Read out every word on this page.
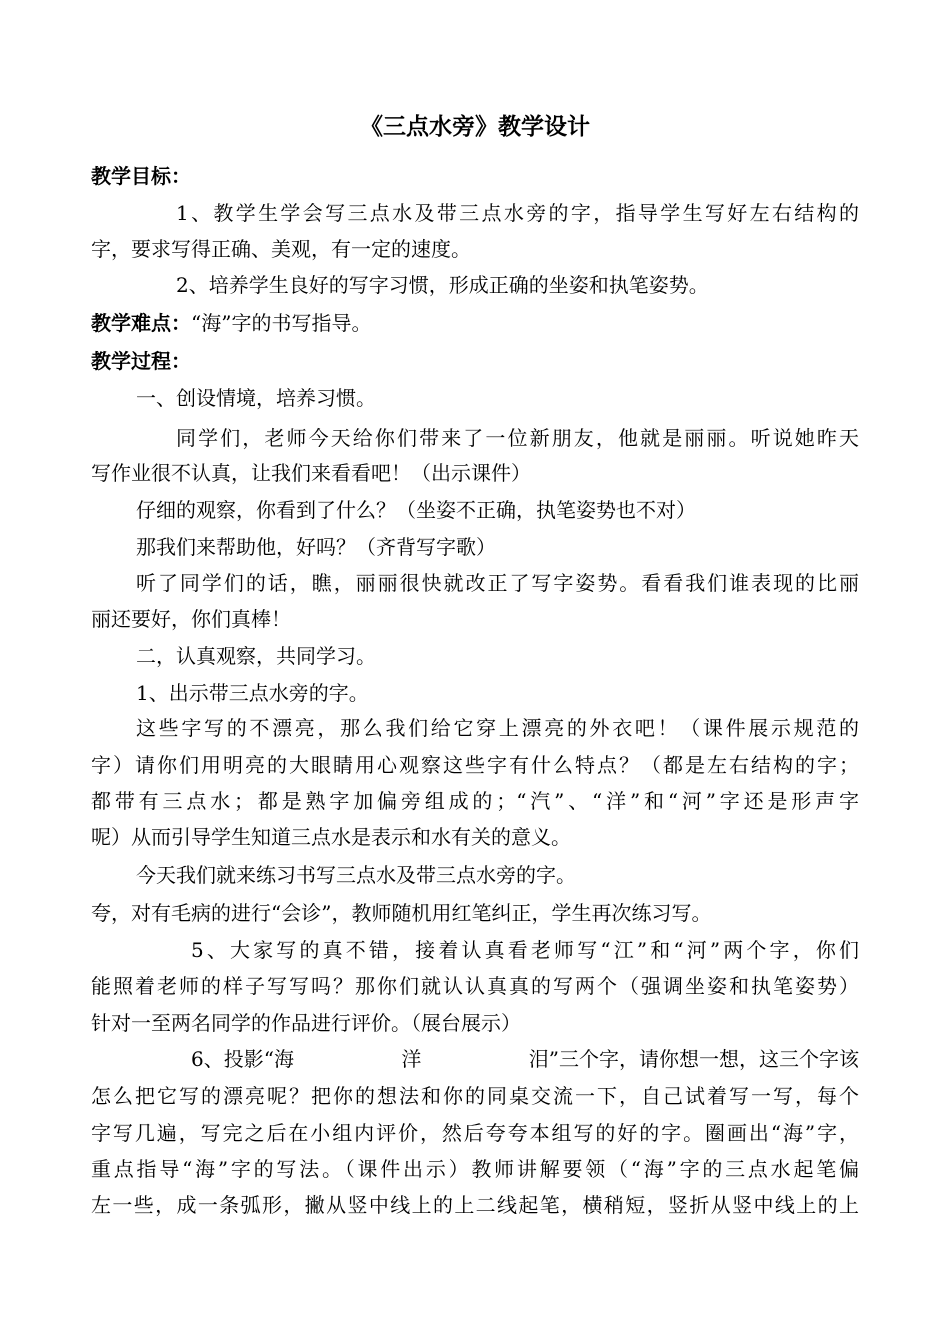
《三点水旁》教学设计
教学目标：
1、教学生学会写三点水及带三点水旁的字，指导学生写好左右结构的
字，要求写得正确、美观，有一定的速度。
2、培养学生良好的写字习惯，形成正确的坐姿和执笔姿势。
教学难点：“海”字的书写指导。
教学过程：
一、创设情境，培养习惯。
同学们，老师今天给你们带来了一位新朋友，他就是丽丽。听说她昨天
写作业很不认真，让我们来看看吧！（出示课件）
仔细的观察，你看到了什么？（坐姿不正确，执笔姿势也不对）
那我们来帮助他，好吗？（齐背写字歌）
听了同学们的话，瞧，丽丽很快就改正了写字姿势。看看我们谁表现的比丽
丽还要好，你们真棒！
二，认真观察，共同学习。
1、出示带三点水旁的字。
这些字写的不漂亮，那么我们给它穿上漂亮的外衣吧！（课件展示规范的
字）请你们用明亮的大眼睛用心观察这些字有什么特点？（都是左右结构的字；
都带有三点水；都是熟字加偏旁组成的；“汽”、“洋”和“河”字还是形声字
呢）从而引导学生知道三点水是表示和水有关的意义。
今天我们就来练习书写三点水及带三点水旁的字。
夸，对有毛病的进行“会诊”，教师随机用红笔纠正，学生再次练习写。
5、大家写的真不错，接着认真看老师写“江”和“河”两个字，你们
能照着老师的样子写写吗？那你们就认认真真的写两个（强调坐姿和执笔姿势）
针对一至两名同学的作品进行评价。（展台展示）
6、投影“海	洋	泪”三个字，请你想一想，这三个字该
怎么把它写的漂亮呢？把你的想法和你的同桌交流一下，自己试着写一写，每个
字写几遍，写完之后在小组内评价，然后夸夸本组写的好的字。圈画出“海”字，
重点指导“海”字的写法。（课件出示）教师讲解要领（“海”字的三点水起笔偏
左一些，成一条弧形，撇从竖中线上的上二线起笔，横稍短，竖折从竖中线上的上
